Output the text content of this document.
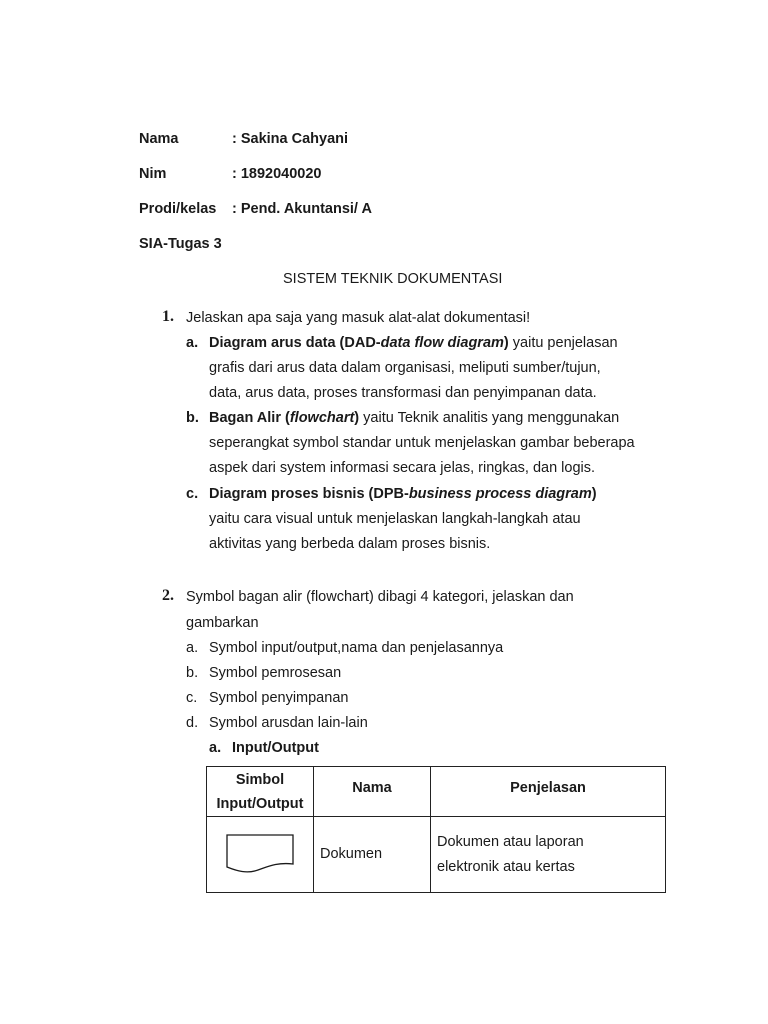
Nama	: Sakina Cahyani
Nim	: 1892040020
Prodi/kelas : Pend. Akuntansi/ A
SIA-Tugas 3
SISTEM TEKNIK DOKUMENTASI
1. Jelaskan apa saja yang masuk alat-alat dokumentasi!
a. Diagram arus data (DAD-data flow diagram) yaitu penjelasan
grafis dari arus data dalam organisasi, meliputi sumber/tujun,
data, arus data, proses transformasi dan penyimpanan data.
b. Bagan Alir (flowchart) yaitu Teknik analitis yang menggunakan
seperangkat symbol standar untuk menjelaskan gambar beberapa
aspek dari system informasi secara jelas, ringkas, dan logis.
c. Diagram proses bisnis (DPB-business process diagram)
yaitu cara visual untuk menjelaskan langkah-langkah atau
aktivitas yang berbeda dalam proses bisnis.
2. Symbol bagan alir (flowchart) dibagi 4 kategori, jelaskan dan
gambarkan
a. Symbol input/output,nama dan penjelasannya
b. Symbol pemrosesan
c. Symbol penyimpanan
d. Symbol arusdan lain-lain
a. Input/Output
Simbol
Input/Output	Nama	Penjelasan
	Dokumen	Dokumen atau laporan
elektronik atau kertas
